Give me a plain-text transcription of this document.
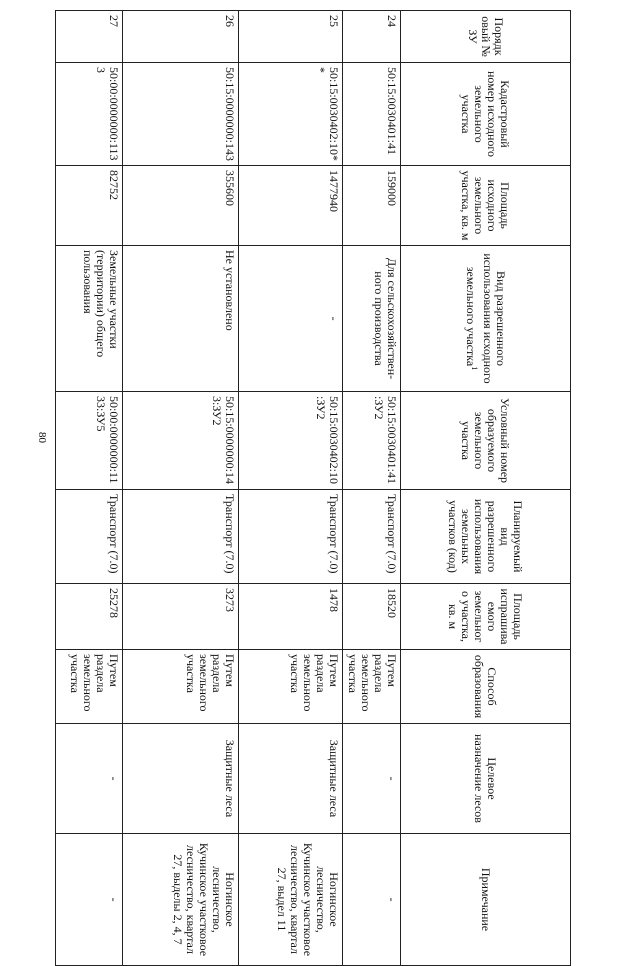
80
Порядковый № ЗУ	Кадастровый номер исходного земельного участка	Площадь исходного земельного участка, кв. м	Вид разрешенного использования исходного земельного участка$^1$	Условный номер образуемого земельного участка	Планируемый вид разрешенного использования земельных участков (код)	Площадь испрашиваемого земельного участка, кв. м	Способ образования	Целевое назначение лесов	Примечание
24	50:15:0030401:41	159000	Для сельскохозяйствен-ного производства	50:15:0030401:41:ЗУ2	Транспорт (7.0)	18520	Путем раздела земельного участка	-	-
25	50:15:0030402:10**	1477940	-	50:15:0030402:10:ЗУ2	Транспорт (7.0)	1478	Путем раздела земельного участка	Защитные леса	Ногинское лесничество, Кучинское участковое лесничество, квартал 27, выдел 11
26	50:15:0000000:143	355600	Не установлено	50:15:0000000:143:ЗУ2	Транспорт (7.0)	3273	Путем раздела земельного участка	Защитные леса	Ногинское лесничество, Кучинское участковое лесничество, квартал 27, выделы 2, 4, 7
27	50:00:0000000:1133	82752	Земельные участки (территории) общего пользования	50:00:0000000:1133:ЗУ5	Транспорт (7.0)	25278	Путем раздела земельного участка	-	-
